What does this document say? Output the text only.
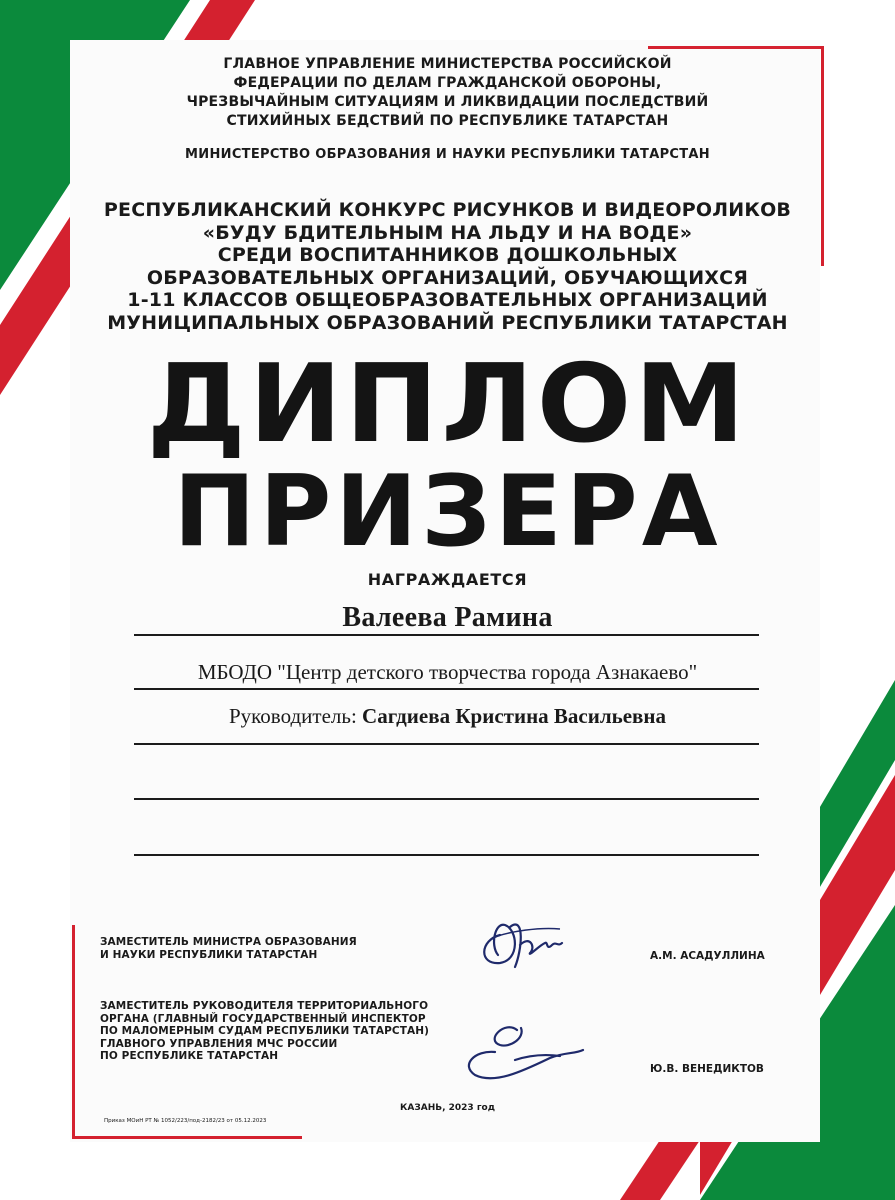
ГЛАВНОЕ УПРАВЛЕНИЕ МИНИСТЕРСТВА РОССИЙСКОЙ
ФЕДЕРАЦИИ ПО ДЕЛАМ ГРАЖДАНСКОЙ ОБОРОНЫ,
ЧРЕЗВЫЧАЙНЫМ СИТУАЦИЯМ И ЛИКВИДАЦИИ ПОСЛЕДСТВИЙ
СТИХИЙНЫХ БЕДСТВИЙ ПО РЕСПУБЛИКЕ ТАТАРСТАН
МИНИСТЕРСТВО ОБРАЗОВАНИЯ И НАУКИ РЕСПУБЛИКИ ТАТАРСТАН
РЕСПУБЛИКАНСКИЙ КОНКУРС РИСУНКОВ И ВИДЕОРОЛИКОВ
«БУДУ БДИТЕЛЬНЫМ НА ЛЬДУ И НА ВОДЕ»
СРЕДИ ВОСПИТАННИКОВ ДОШКОЛЬНЫХ
ОБРАЗОВАТЕЛЬНЫХ ОРГАНИЗАЦИЙ, ОБУЧАЮЩИХСЯ
1-11 КЛАССОВ ОБЩЕОБРАЗОВАТЕЛЬНЫХ ОРГАНИЗАЦИЙ
МУНИЦИПАЛЬНЫХ ОБРАЗОВАНИЙ РЕСПУБЛИКИ ТАТАРСТАН
ДИПЛОМ
ПРИЗЕРА
НАГРАЖДАЕТСЯ
Валеева Рамина
МБОДО "Центр детского творчества города Азнакаево"
Руководитель: Сагдиева Кристина Васильевна
ЗАМЕСТИТЕЛЬ МИНИСТРА ОБРАЗОВАНИЯ
И НАУКИ РЕСПУБЛИКИ ТАТАРСТАН	А.М. АСАДУЛЛИНА
ЗАМЕСТИТЕЛЬ РУКОВОДИТЕЛЯ ТЕРРИТОРИАЛЬНОГО
ОРГАНА (ГЛАВНЫЙ ГОСУДАРСТВЕННЫЙ ИНСПЕКТОР
ПО МАЛОМЕРНЫМ СУДАМ РЕСПУБЛИКИ ТАТАРСТАН)
ГЛАВНОГО УПРАВЛЕНИЯ МЧС РОССИИ
ПО РЕСПУБЛИКЕ ТАТАРСТАН
Ю.В. ВЕНЕДИКТОВ
КАЗАНЬ, 2023 год
Приказ МОиН РТ № 1052/223/под-2182/23 от 05.12.2023
